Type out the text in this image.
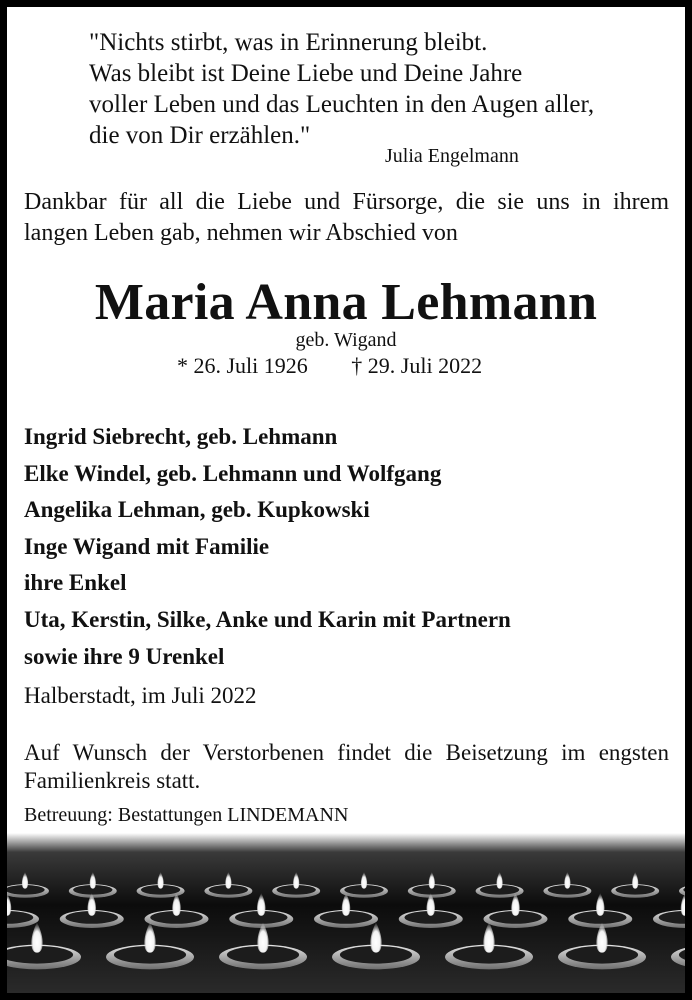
"Nichts stirbt, was in Erinnerung bleibt.
Was bleibt ist Deine Liebe und Deine Jahre
voller Leben und das Leuchten in den Augen aller,
die von Dir erzählen."
Julia Engelmann
Dankbar für all die Liebe und Fürsorge, die sie uns in ihrem langen Leben gab, nehmen wir Abschied von
Maria Anna Lehmann
geb. Wigand
* 26. Juli 1926 † 29. Juli 2022
Ingrid Siebrecht, geb. Lehmann
Elke Windel, geb. Lehmann und Wolfgang
Angelika Lehman, geb. Kupkowski
Inge Wigand mit Familie
ihre Enkel
Uta, Kerstin, Silke, Anke und Karin mit Partnern
sowie ihre 9 Urenkel
Halberstadt, im Juli 2022
Auf Wunsch der Verstorbenen findet die Beisetzung im engsten Familienkreis statt.
Betreuung: Bestattungen LINDEMANN
